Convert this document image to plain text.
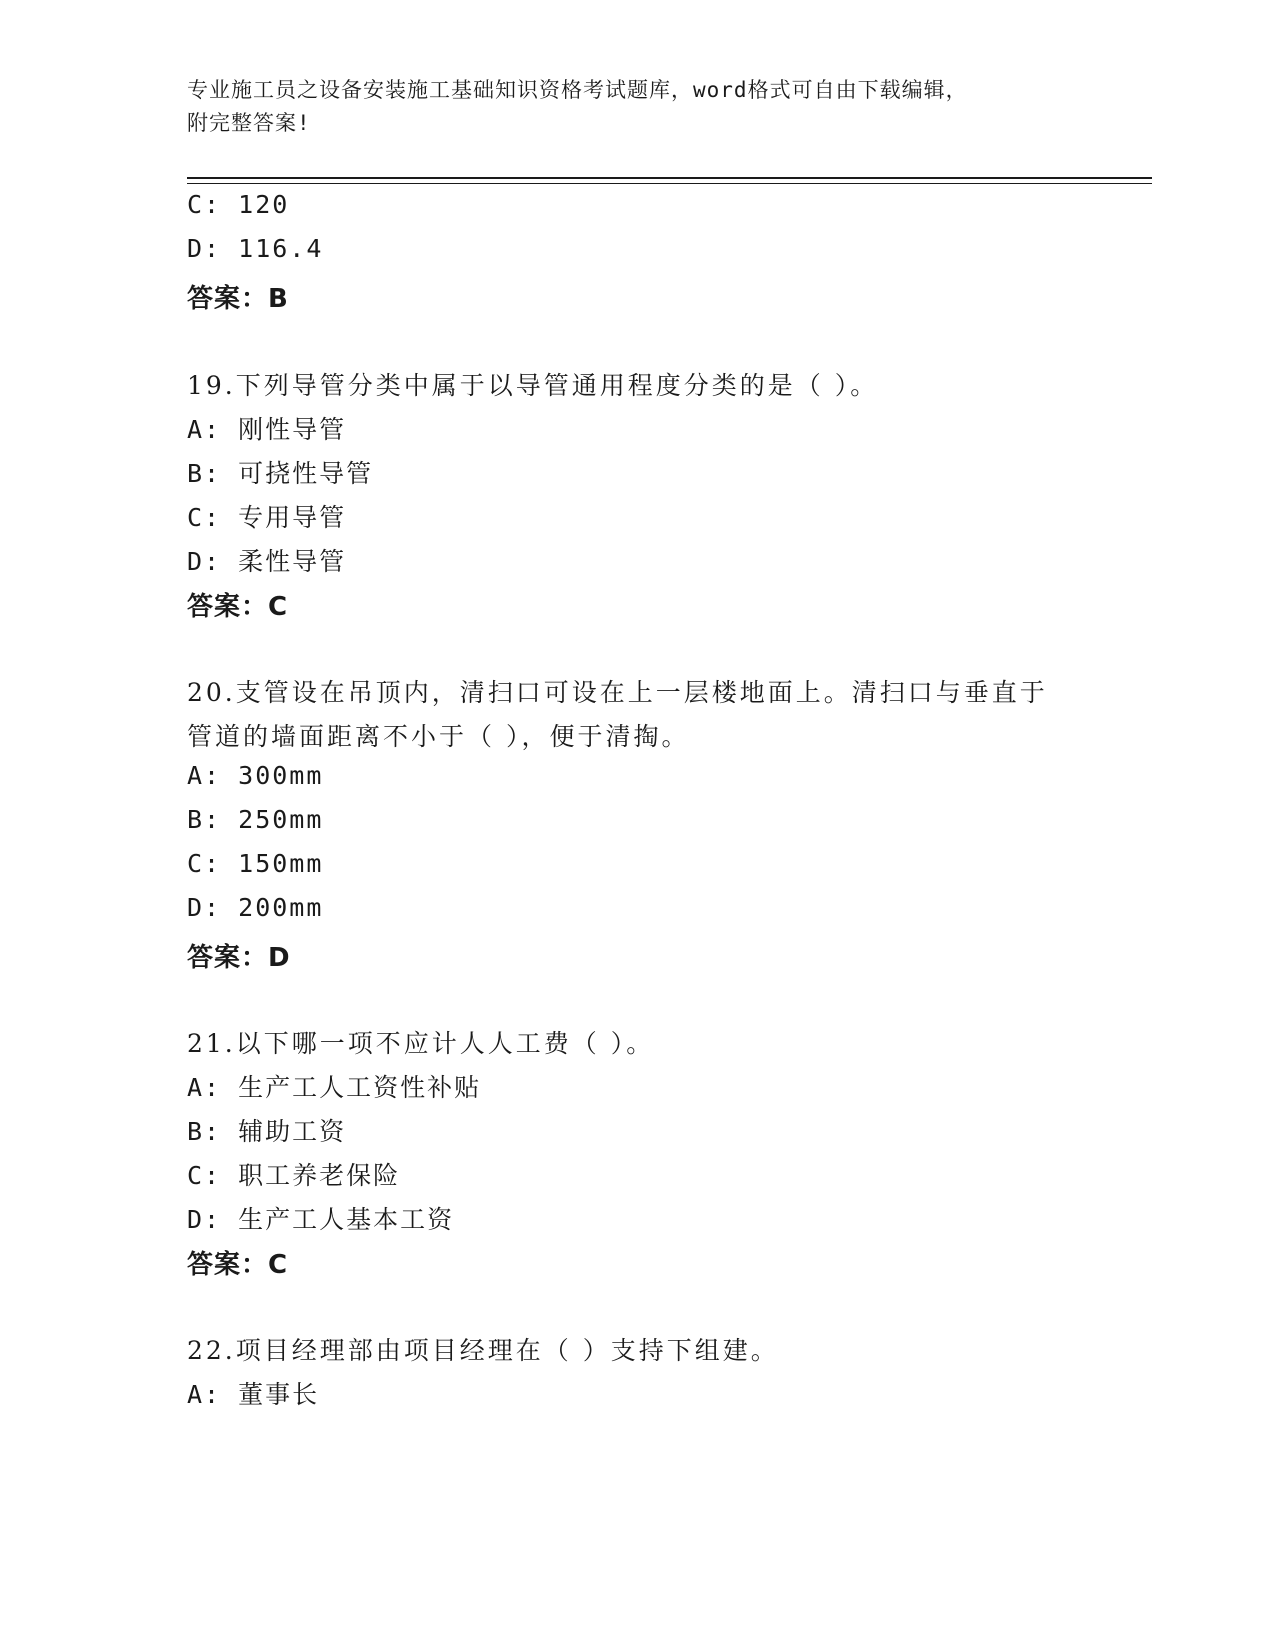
专业施工员之设备安装施工基础知识资格考试题库，word格式可自由下载编辑，
附完整答案!
C: 120
D: 116.4
答案：B
19.下列导管分类中属于以导管通用程度分类的是（ ）。
A: 刚性导管
B: 可挠性导管
C: 专用导管
D: 柔性导管
答案：C
20.支管设在吊顶内，清扫口可设在上一层楼地面上。清扫口与垂直于
管道的墙面距离不小于（ ），便于清掏。
A: 300mm
B: 250mm
C: 150mm
D: 200mm
答案：D
21.以下哪一项不应计人人工费（ ）。
A: 生产工人工资性补贴
B: 辅助工资
C: 职工养老保险
D: 生产工人基本工资
答案：C
22.项目经理部由项目经理在（ ）支持下组建。
A: 董事长
